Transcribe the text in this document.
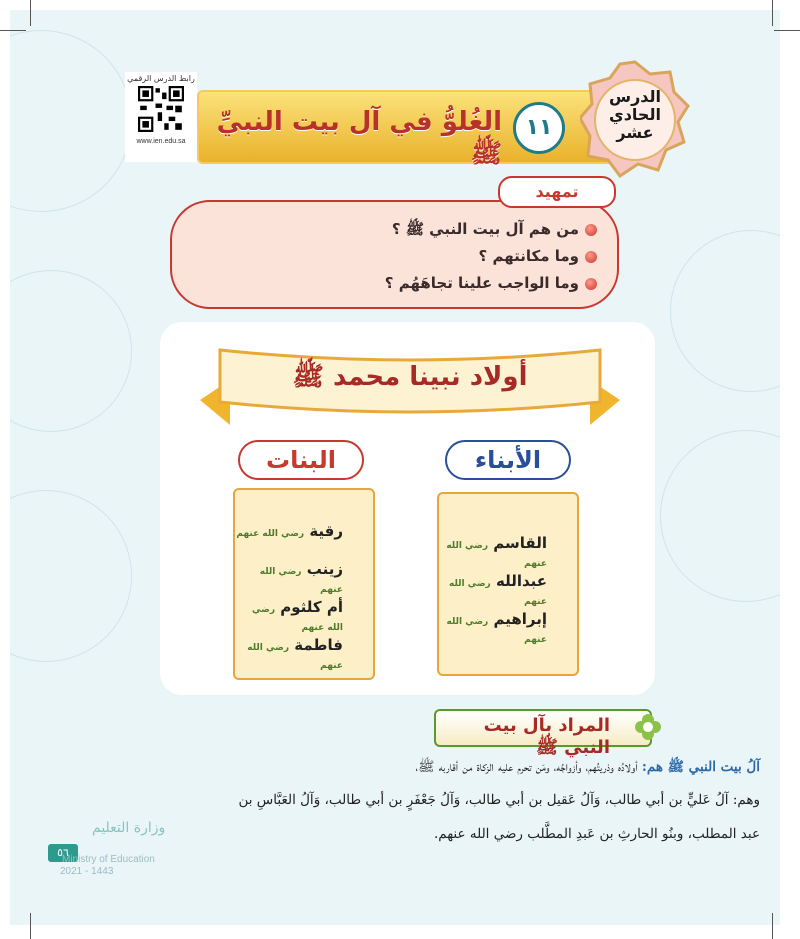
رابط الدرس الرقمي
www.ien.edu.sa
الغُلوُّ في آل بيت النبيِّ ﷺ
١١
الدرس
الحادي
عشر
من هم آل بيت النبي ﷺ ؟
وما مكانتهم ؟
وما الواجب علينا تجاهَهُم ؟
تمهيد
أولاد نبينا محمد ﷺ
الأبناء
البنات
القاسم رضي الله عنهم
عبدالله رضي الله عنهم
إبراهيم رضي الله عنهم
رقية رضي الله عنهم
زينب رضي الله عنهم
أم كلثوم رضي الله عنهم
فاطمة رضي الله عنهم
المراد بآل بيت النبي ﷺ
آلُ بيت النبي ﷺ هم: أولادُه وذريتُهم، وأزواجُه، ومَن تحرم عليه الزكاة من أقاربه ﷺ،
وهم: آلُ عَليٍّ بن أبي طالب، وَآلُ عَقيل بن أبي طالب، وَآلُ جَعْفَرٍ بن أبي طالب، وَآلُ العَبَّاسِ بن
عبد المطلب، وبنُو الحارثِ بن عَبدِ المطَّلب رضي الله عنهم.
وزارة التعليم
٥٦
Ministry of Education
2021 - 1443
